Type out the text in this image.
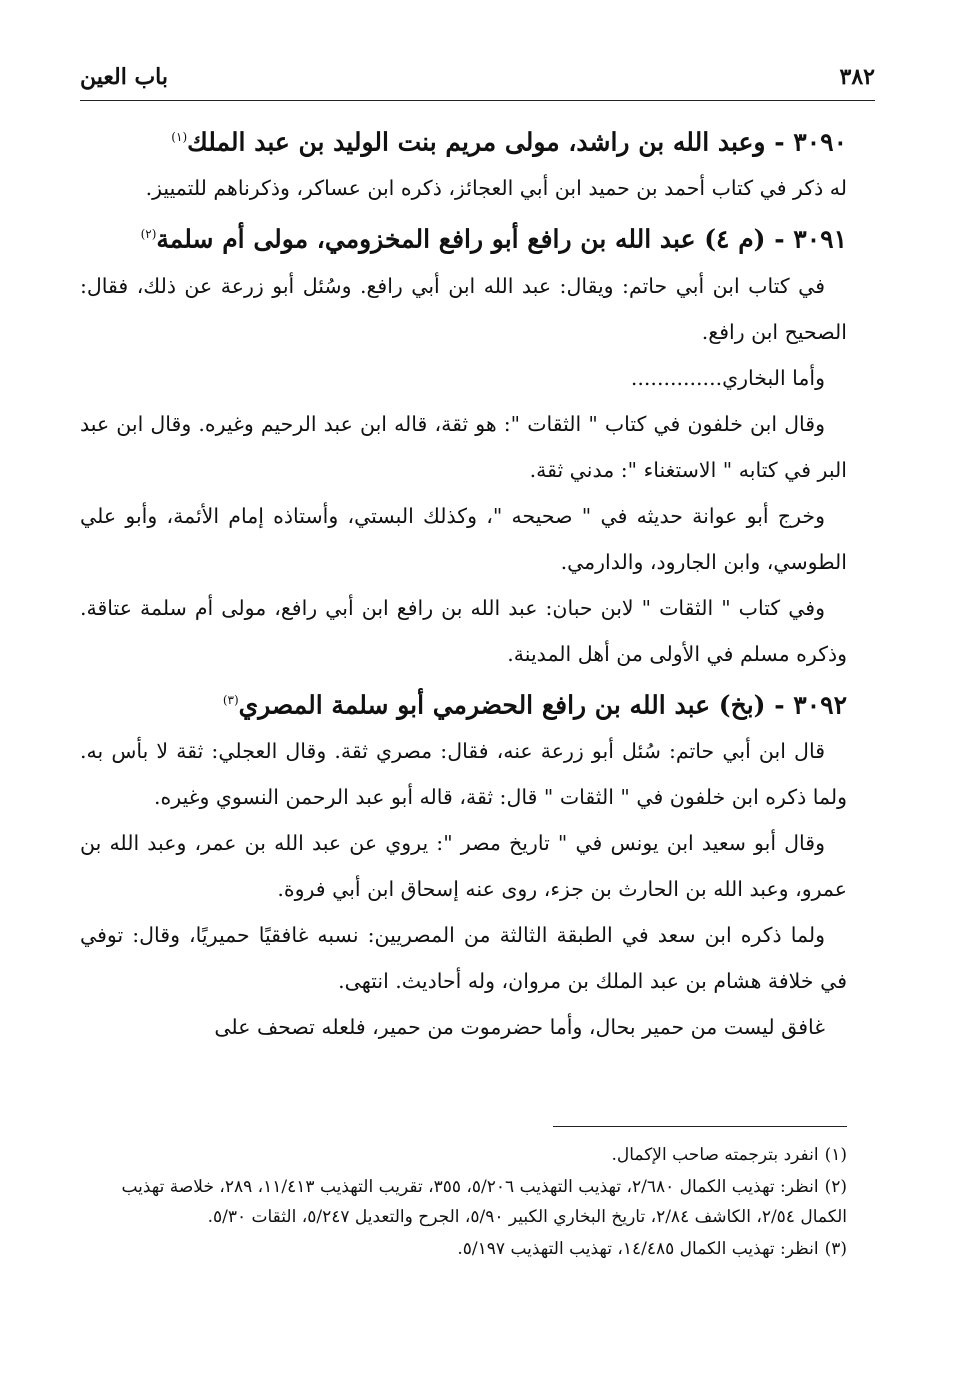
٣٨٢
باب العين

٣٠٩٠ - وعبد الله بن راشد، مولى مريم بنت الوليد بن عبد الملك$^{(١)}$

له ذكر في كتاب أحمد بن حميد ابن أبي العجائز، ذكره ابن عساكر، وذكرناهم للتمييز.

٣٠٩١ - (م ٤) عبد الله بن رافع أبو رافع المخزومي، مولى أم سلمة$^{(٢)}$

في كتاب ابن أبي حاتم: ويقال: عبد الله ابن أبي رافع. وسُئل أبو زرعة عن ذلك، فقال: الصحيح ابن رافع.

وأما البخاري..............

وقال ابن خلفون في كتاب " الثقات ": هو ثقة، قاله ابن عبد الرحيم وغيره. وقال ابن عبد البر في كتابه " الاستغناء ": مدني ثقة.

وخرج أبو عوانة حديثه في " صحيحه "، وكذلك البستي، وأستاذه إمام الأئمة، وأبو علي الطوسي، وابن الجارود، والدارمي.

وفي كتاب " الثقات " لابن حبان: عبد الله بن رافع ابن أبي رافع، مولى أم سلمة عتاقة. وذكره مسلم في الأولى من أهل المدينة.

٣٠٩٢ - (بخ) عبد الله بن رافع الحضرمي أبو سلمة المصري$^{(٣)}$

قال ابن أبي حاتم: سُئل أبو زرعة عنه، فقال: مصري ثقة. وقال العجلي: ثقة لا بأس به. ولما ذكره ابن خلفون في " الثقات " قال: ثقة، قاله أبو عبد الرحمن النسوي وغيره.

وقال أبو سعيد ابن يونس في " تاريخ مصر ": يروي عن عبد الله بن عمر، وعبد الله بن عمرو، وعبد الله بن الحارث بن جزء، روى عنه إسحاق ابن أبي فروة.

ولما ذكره ابن سعد في الطبقة الثالثة من المصريين: نسبه غافقيًا حميريًا، وقال: توفي في خلافة هشام بن عبد الملك بن مروان، وله أحاديث. انتهى.

غافق ليست من حمير بحال، وأما حضرموت من حمير، فلعله تصحف على

(١)انفرد بترجمته صاحب الإكمال.

(٢)انظر: تهذيب الكمال ٢/٦٨٠، تهذيب التهذيب ٥/٢٠٦، ٣٥٥، تقريب التهذيب ١١/٤١٣، ٢٨٩، خلاصة تهذيب الكمال ٢/٥٤، الكاشف ٢/٨٤، تاريخ البخاري الكبير ٥/٩٠، الجرح والتعديل ٥/٢٤٧، الثقات ٥/٣٠.

(٣)انظر: تهذيب الكمال ١٤/٤٨٥، تهذيب التهذيب ٥/١٩٧.
